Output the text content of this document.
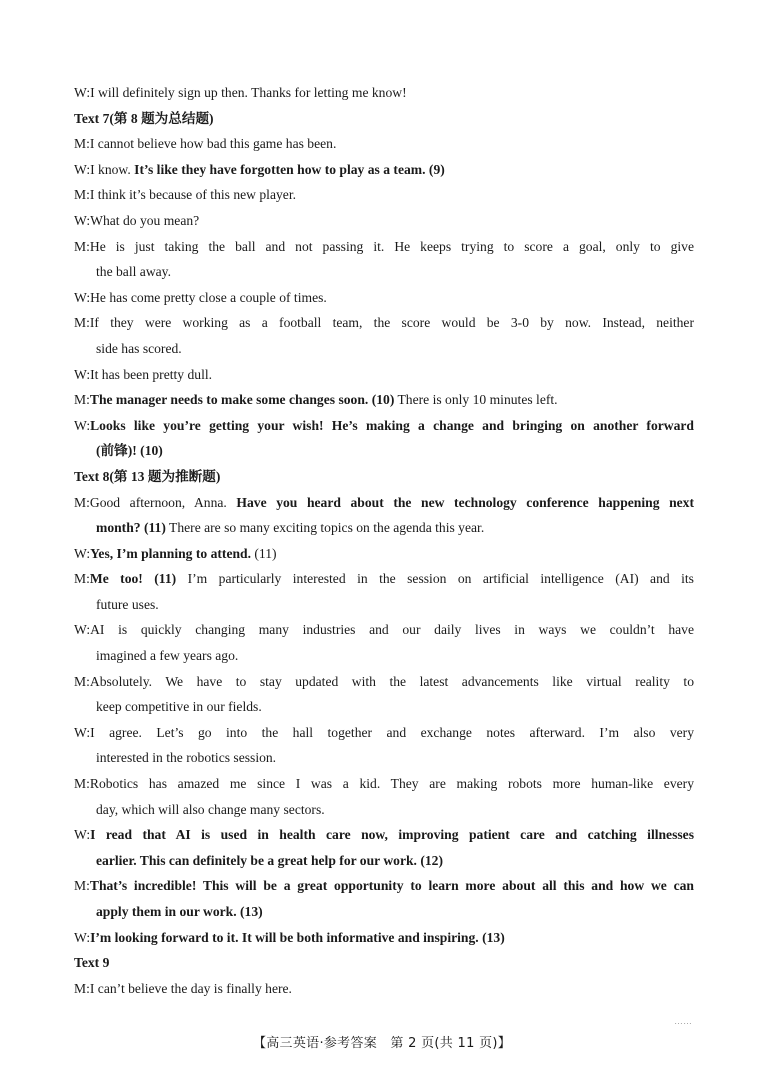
W:I will definitely sign up then. Thanks for letting me know!
Text 7(第 8 题为总结题)
M:I cannot believe how bad this game has been.
W:I know. It’s like they have forgotten how to play as a team. (9)
M:I think it’s because of this new player.
W:What do you mean?
M:He is just taking the ball and not passing it. He keeps trying to score a goal, only to give
the ball away.
W:He has come pretty close a couple of times.
M:If they were working as a football team, the score would be 3-0 by now. Instead, neither
side has scored.
W:It has been pretty dull.
M:The manager needs to make some changes soon. (10) There is only 10 minutes left.
W:Looks like you’re getting your wish! He’s making a change and bringing on another forward
(前锋)! (10)
Text 8(第 13 题为推断题)
M:Good afternoon, Anna. Have you heard about the new technology conference happening next
month? (11) There are so many exciting topics on the agenda this year.
W:Yes, I’m planning to attend. (11)
M:Me too! (11) I’m particularly interested in the session on artificial intelligence (AI) and its
future uses.
W:AI is quickly changing many industries and our daily lives in ways we couldn’t have
imagined a few years ago.
M:Absolutely. We have to stay updated with the latest advancements like virtual reality to
keep competitive in our fields.
W:I agree. Let’s go into the hall together and exchange notes afterward. I’m also very
interested in the robotics session.
M:Robotics has amazed me since I was a kid. They are making robots more human-like every
day, which will also change many sectors.
W:I read that AI is used in health care now, improving patient care and catching illnesses
earlier. This can definitely be a great help for our work. (12)
M:That’s incredible! This will be a great opportunity to learn more about all this and how we can
apply them in our work. (13)
W:I’m looking forward to it. It will be both informative and inspiring. (13)
Text 9
M:I can’t believe the day is finally here.
【高三英语·参考答案　第 2 页(共 11 页)】
……
